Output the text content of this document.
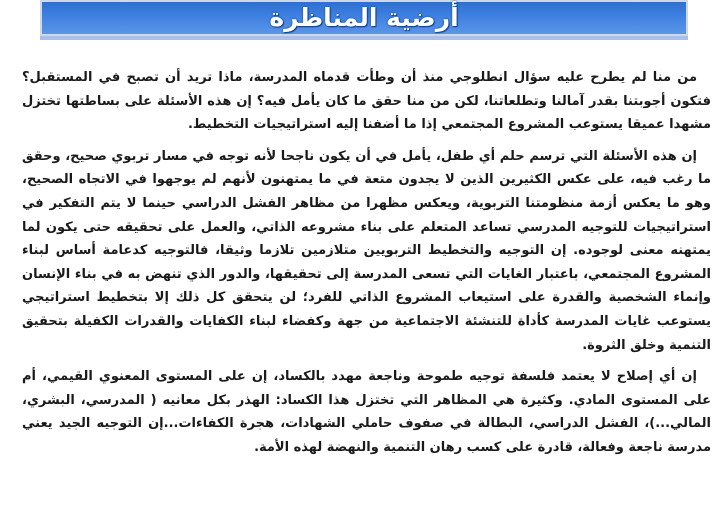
أرضية المناظرة

من منا لم يطرح عليه سؤال انطلوجي منذ أن وطأت قدماه المدرسة، ماذا تريد أن تصبح في المستقبل؟ فتكون أجوبتنا بقدر آمالنا وتطلعاتنا، لكن من منا حقق ما كان يأمل فيه؟ إن هذه الأسئلة على بساطتها تختزل مشهدا عميقا يستوعب المشروع المجتمعي إذا ما أضفنا إليه استراتيجيات التخطيط.

إن هذه الأسئلة التي ترسم حلم أي طفل، يأمل في أن يكون ناجحا لأنه توجه في مسار تربوي صحيح، وحقق ما رغب فيه، على عكس الكثيرين الذين لا يجدون متعة في ما يمتهنون لأنهم لم يوجهوا في الاتجاه الصحيح، وهو ما يعكس أزمة منظومتنا التربوية، ويعكس مظهرا من مظاهر الفشل الدراسي حينما لا يتم التفكير في استراتيجيات للتوجيه المدرسي تساعد المتعلم على بناء مشروعه الذاتي، والعمل على تحقيقه حتى يكون لما يمتهنه معنى لوجوده. إن التوجيه والتخطيط التربويين متلازمين تلازما وثيقا، فالتوجيه كدعامة أساس لبناء المشروع المجتمعي، باعتبار الغايات التي تسعى المدرسة إلى تحقيقها، والدور الذي تنهض به في بناء الإنسان وإنماء الشخصية والقدرة على استيعاب المشروع الذاتي للفرد؛ لن يتحقق كل ذلك إلا بتخطيط استراتيجي يستوعب غايات المدرسة كأداة للتنشئة الاجتماعية من جهة وكفضاء لبناء الكفايات والقدرات الكفيلة بتحقيق التنمية وخلق الثروة.

إن أي إصلاح لا يعتمد فلسفة توجيه طموحة وناجعة مهدد بالكساد، إن على المستوى المعنوي القيمي، أم على المستوى المادي. وكثيرة هي المظاهر التي تختزل هذا الكساد: الهذر بكل معانيه ( المدرسي، البشري، المالي...)، الفشل الدراسي، البطالة في صفوف حاملي الشهادات، هجرة الكفاءات...إن التوجيه الجيد يعني مدرسة ناجعة وفعالة، قادرة على كسب رهان التنمية والنهضة لهذه الأمة.
